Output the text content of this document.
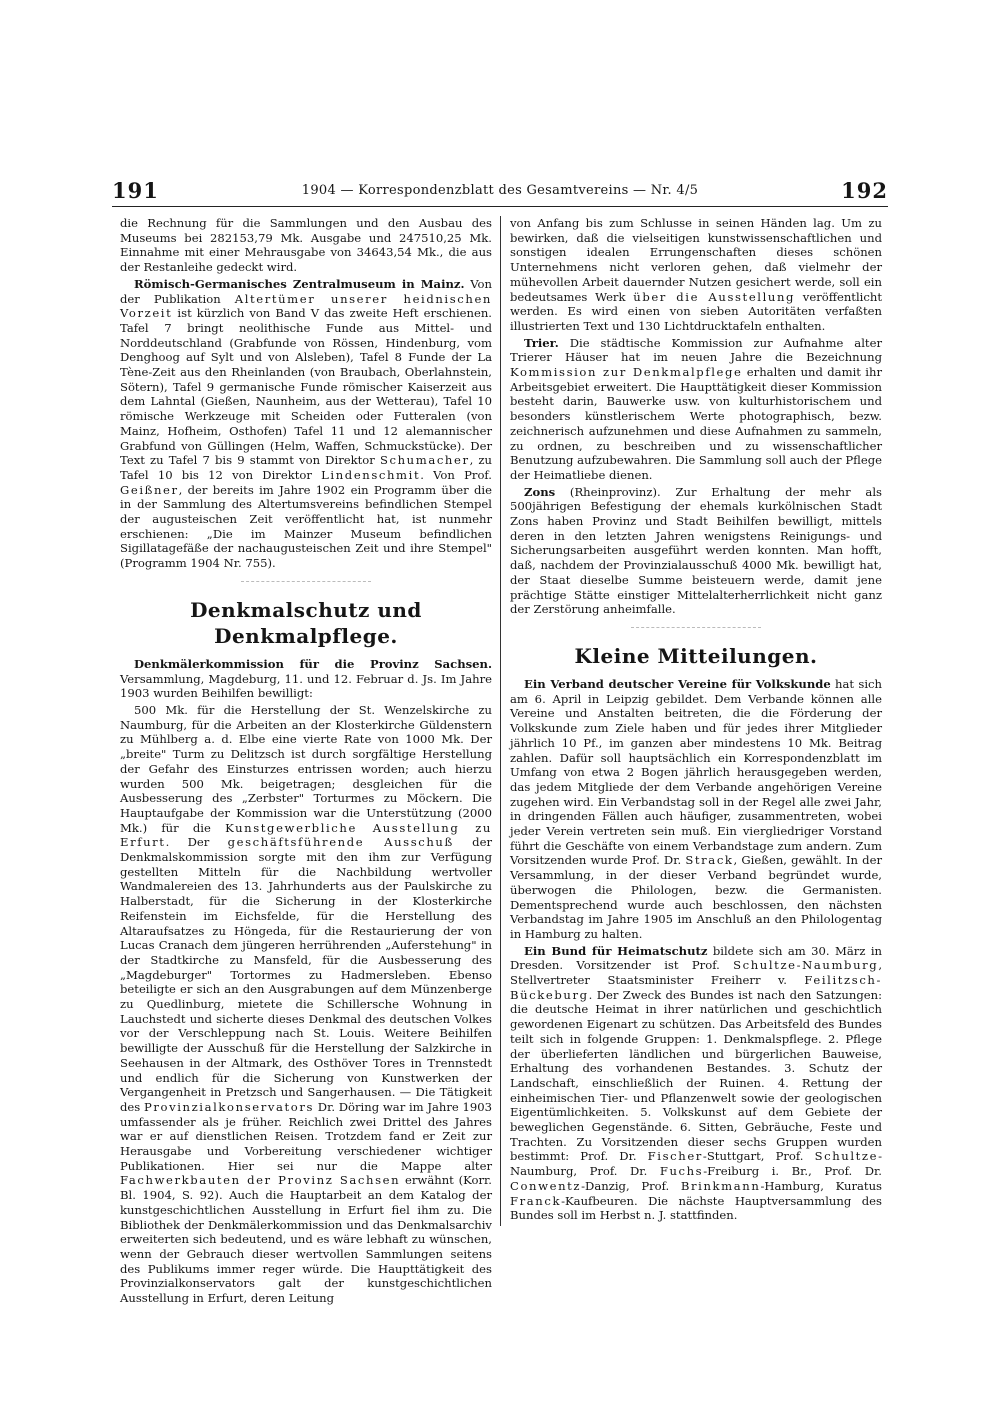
191	1904 — Korrespondenzblatt des Gesamtvereins — Nr. 4/5	192

die Rechnung für die Sammlungen und den Ausbau des Museums bei 282153,79 Mk. Ausgabe und 247510,25 Mk. Einnahme mit einer Mehrausgabe von 34643,54 Mk., die aus der Restanleihe gedeckt wird.

Römisch-Germanisches Zentralmuseum in Mainz. Von der Publikation Altertümer unserer heidnischen Vorzeit ist kürzlich von Band V das zweite Heft erschienen. Tafel 7 bringt neolithische Funde aus Mittel- und Norddeutschland (Grabfunde von Rössen, Hindenburg, vom Denghoog auf Sylt und von Alsleben), Tafel 8 Funde der La Tène-Zeit aus den Rheinlanden (von Braubach, Oberlahnstein, Sötern), Tafel 9 germanische Funde römischer Kaiserzeit aus dem Lahntal (Gießen, Naunheim, aus der Wetterau), Tafel 10 römische Werkzeuge mit Scheiden oder Futteralen (von Mainz, Hofheim, Osthofen) Tafel 11 und 12 alemannischer Grabfund von Güllingen (Helm, Waffen, Schmuckstücke). Der Text zu Tafel 7 bis 9 stammt von Direktor Schumacher, zu Tafel 10 bis 12 von Direktor Lindenschmit. Von Prof. Geißner, der bereits im Jahre 1902 ein Programm über die in der Sammlung des Altertumsvereins befindlichen Stempel der augusteischen Zeit veröffentlicht hat, ist nunmehr erschienen: „Die im Mainzer Museum befindlichen Sigillatagefäße der nachaugusteischen Zeit und ihre Stempel" (Programm 1904 Nr. 755).

Denkmalschutz und Denkmalpflege.

Denkmälerkommission für die Provinz Sachsen. Versammlung, Magdeburg, 11. und 12. Februar d. Js. Im Jahre 1903 wurden Beihilfen bewilligt:

500 Mk. für die Herstellung der St. Wenzelskirche zu Naumburg, für die Arbeiten an der Klosterkirche Güldenstern zu Mühlberg a. d. Elbe eine vierte Rate von 1000 Mk. Der „breite" Turm zu Delitzsch ist durch sorgfältige Herstellung der Gefahr des Einsturzes entrissen worden; auch hierzu wurden 500 Mk. beigetragen; desgleichen für die Ausbesserung des „Zerbster" Torturmes zu Möckern. Die Hauptaufgabe der Kommission war die Unterstützung (2000 Mk.) für die Kunstgewerbliche Ausstellung zu Erfurt. Der geschäftsführende Ausschuß der Denkmalskommission sorgte mit den ihm zur Verfügung gestellten Mitteln für die Nachbildung wertvoller Wandmalereien des 13. Jahrhunderts aus der Paulskirche zu Halberstadt, für die Sicherung in der Klosterkirche Reifenstein im Eichsfelde, für die Herstellung des Altaraufsatzes zu Höngeda, für die Restaurierung der von Lucas Cranach dem jüngeren herrührenden „Auferstehung" in der Stadtkirche zu Mansfeld, für die Ausbesserung des „Magdeburger" Tortormes zu Hadmersleben. Ebenso beteiligte er sich an den Ausgrabungen auf dem Münzenberge zu Quedlinburg, mietete die Schillersche Wohnung in Lauchstedt und sicherte dieses Denkmal des deutschen Volkes vor der Verschleppung nach St. Louis. Weitere Beihilfen bewilligte der Ausschuß für die Herstellung der Salzkirche in Seehausen in der Altmark, des Osthöver Tores in Trennstedt und endlich für die Sicherung von Kunstwerken der Vergangenheit in Pretzsch und Sangerhausen. — Die Tätigkeit des Provinzialkonservators Dr. Döring war im Jahre 1903 umfassender als je früher. Reichlich zwei Drittel des Jahres war er auf dienstlichen Reisen. Trotzdem fand er Zeit zur Herausgabe und Vorbereitung verschiedener wichtiger Publikationen. Hier sei nur die Mappe alter Fachwerkbauten der Provinz Sachsen erwähnt (Korr. Bl. 1904, S. 92). Auch die Hauptarbeit an dem Katalog der kunstgeschichtlichen Ausstellung in Erfurt fiel ihm zu. Die Bibliothek der Denkmälerkommission und das Denkmalsarchiv erweiterten sich bedeutend, und es wäre lebhaft zu wünschen, wenn der Gebrauch dieser wertvollen Sammlungen seitens des Publikums immer reger würde. Die Haupttätigkeit des Provinzialkonservators galt der kunstgeschichtlichen Ausstellung in Erfurt, deren Leitung

von Anfang bis zum Schlusse in seinen Händen lag. Um zu bewirken, daß die vielseitigen kunstwissenschaftlichen und sonstigen idealen Errungenschaften dieses schönen Unternehmens nicht verloren gehen, daß vielmehr der mühevollen Arbeit dauernder Nutzen gesichert werde, soll ein bedeutsames Werk über die Ausstellung veröffentlicht werden. Es wird einen von sieben Autoritäten verfaßten illustrierten Text und 130 Lichtdrucktafeln enthalten.

Trier. Die städtische Kommission zur Aufnahme alter Trierer Häuser hat im neuen Jahre die Bezeichnung Kommission zur Denkmalpflege erhalten und damit ihr Arbeitsgebiet erweitert. Die Haupttätigkeit dieser Kommission besteht darin, Bauwerke usw. von kulturhistorischem und besonders künstlerischem Werte photographisch, bezw. zeichnerisch aufzunehmen und diese Aufnahmen zu sammeln, zu ordnen, zu beschreiben und zu wissenschaftlicher Benutzung aufzubewahren. Die Sammlung soll auch der Pflege der Heimatliebe dienen.

Zons (Rheinprovinz). Zur Erhaltung der mehr als 500jährigen Befestigung der ehemals kurkölnischen Stadt Zons haben Provinz und Stadt Beihilfen bewilligt, mittels deren in den letzten Jahren wenigstens Reinigungs- und Sicherungsarbeiten ausgeführt werden konnten. Man hofft, daß, nachdem der Provinzialausschuß 4000 Mk. bewilligt hat, der Staat dieselbe Summe beisteuern werde, damit jene prächtige Stätte einstiger Mittelalterherrlichkeit nicht ganz der Zerstörung anheimfalle.

Kleine Mitteilungen.

Ein Verband deutscher Vereine für Volkskunde hat sich am 6. April in Leipzig gebildet. Dem Verbande können alle Vereine und Anstalten beitreten, die die Förderung der Volkskunde zum Ziele haben und für jedes ihrer Mitglieder jährlich 10 Pf., im ganzen aber mindestens 10 Mk. Beitrag zahlen. Dafür soll hauptsächlich ein Korrespondenzblatt im Umfang von etwa 2 Bogen jährlich herausgegeben werden, das jedem Mitgliede der dem Verbande angehörigen Vereine zugehen wird. Ein Verbandstag soll in der Regel alle zwei Jahr, in dringenden Fällen auch häufiger, zusammentreten, wobei jeder Verein vertreten sein muß. Ein viergliedriger Vorstand führt die Geschäfte von einem Verbandstage zum andern. Zum Vorsitzenden wurde Prof. Dr. Strack, Gießen, gewählt. In der Versammlung, in der dieser Verband begründet wurde, überwogen die Philologen, bezw. die Germanisten. Dementsprechend wurde auch beschlossen, den nächsten Verbandstag im Jahre 1905 im Anschluß an den Philologentag in Hamburg zu halten.

Ein Bund für Heimatschutz bildete sich am 30. März in Dresden. Vorsitzender ist Prof. Schultze-Naumburg, Stellvertreter Staatsminister Freiherr v. Feilitzsch-Bückeburg. Der Zweck des Bundes ist nach den Satzungen: die deutsche Heimat in ihrer natürlichen und geschichtlich gewordenen Eigenart zu schützen. Das Arbeitsfeld des Bundes teilt sich in folgende Gruppen: 1. Denkmalspflege. 2. Pflege der überlieferten ländlichen und bürgerlichen Bauweise, Erhaltung des vorhandenen Bestandes. 3. Schutz der Landschaft, einschließlich der Ruinen. 4. Rettung der einheimischen Tier- und Pflanzenwelt sowie der geologischen Eigentümlichkeiten. 5. Volkskunst auf dem Gebiete der beweglichen Gegenstände. 6. Sitten, Gebräuche, Feste und Trachten. Zu Vorsitzenden dieser sechs Gruppen wurden bestimmt: Prof. Dr. Fischer-Stuttgart, Prof. Schultze-Naumburg, Prof. Dr. Fuchs-Freiburg i. Br., Prof. Dr. Conwentz-Danzig, Prof. Brinkmann-Hamburg, Kuratus Franck-Kaufbeuren. Die nächste Hauptversammlung des Bundes soll im Herbst n. J. stattfinden.
